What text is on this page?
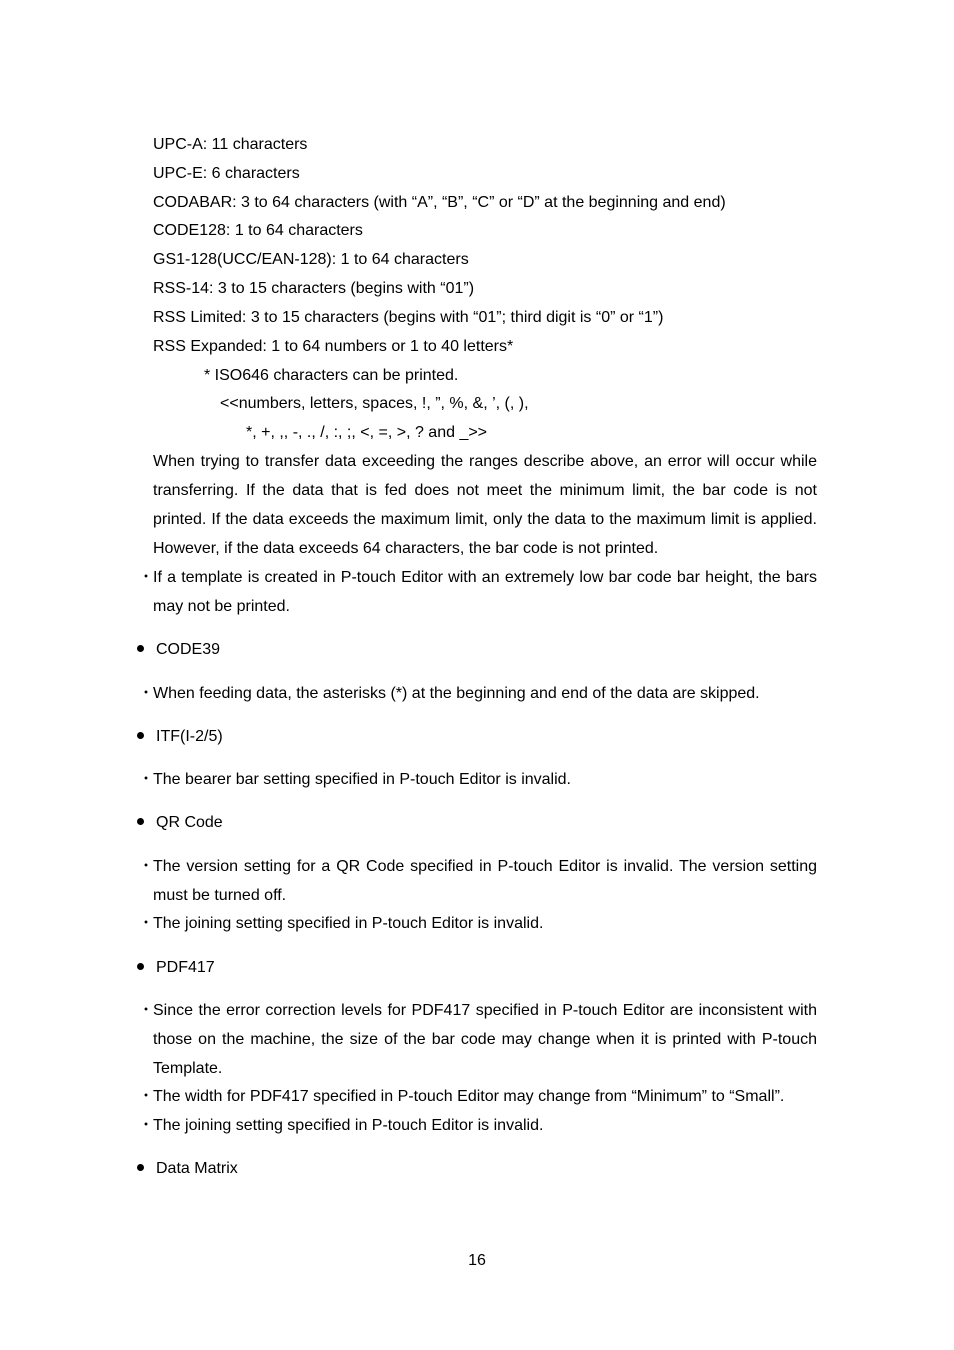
UPC-A: 11 characters
UPC-E: 6 characters
CODABAR: 3 to 64 characters (with “A”, “B”, “C” or “D” at the beginning and end)
CODE128: 1 to 64 characters
GS1-128(UCC/EAN-128): 1 to 64 characters
RSS-14: 3 to 15 characters (begins with “01”)
RSS Limited: 3 to 15 characters (begins with “01”; third digit is “0” or “1”)
RSS Expanded: 1 to 64 numbers or 1 to 40 letters*
* ISO646 characters can be printed.
<<numbers, letters, spaces, !, ”, %, &, ’, (, ),
*, +, ,, -, ., /, :, ;, <, =, >, ? and _>>
When trying to transfer data exceeding the ranges describe above, an error will occur while transferring. If the data that is fed does not meet the minimum limit, the bar code is not printed. If the data exceeds the maximum limit, only the data to the maximum limit is applied. However, if the data exceeds 64 characters, the bar code is not printed.
・
If a template is created in P-touch Editor with an extremely low bar code bar height, the bars may not be printed.
CODE39
・
When feeding data, the asterisks (*) at the beginning and end of the data are skipped.
ITF(I-2/5)
・
The bearer bar setting specified in P-touch Editor is invalid.
QR Code
・
The version setting for a QR Code specified in P-touch Editor is invalid. The version setting must be turned off.
・
The joining setting specified in P-touch Editor is invalid.
PDF417
・
Since the error correction levels for PDF417 specified in P-touch Editor are inconsistent with those on the machine, the size of the bar code may change when it is printed with P-touch Template.
・
The width for PDF417 specified in P-touch Editor may change from “Minimum” to “Small”.
・
The joining setting specified in P-touch Editor is invalid.
Data Matrix
16
